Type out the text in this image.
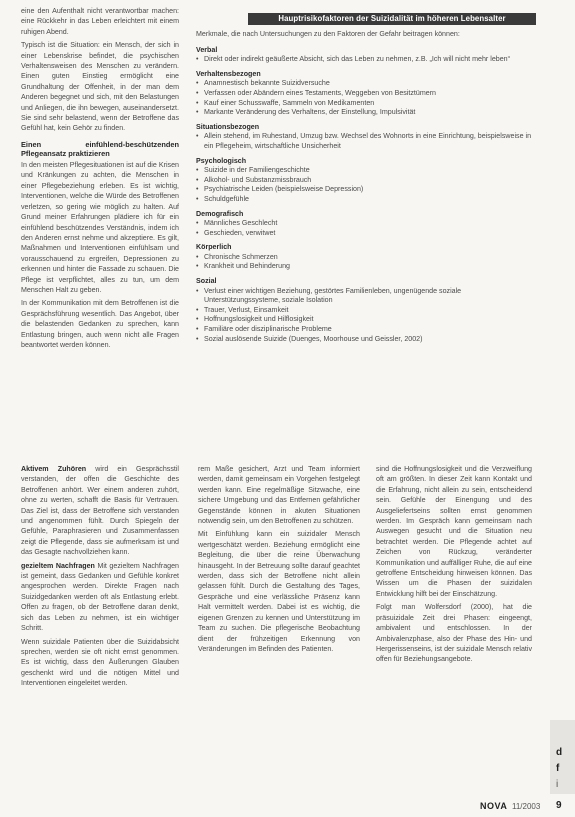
eine den Aufenthalt nicht verantwortbar machen: eine Rückkehr in das Leben erleichtert mit einem ruhigen Abend.

Typisch ist die Situation: ein Mensch, der sich in einer Lebenskrise befindet, die psychischen Verhaltensweisen des Menschen zu verändern. Einen guten Einstieg ermöglicht eine Grundhaltung der Offenheit, in der man dem Anderen begegnet und sich, mit den Belastungen und Anliegen, die ihn bewegen, auseinandersetzt. Sie sind sehr belastend, wenn der Betroffene das Gefühl hat, kein Gehör zu finden.

Einen einfühlend-beschützenden Pflegeansatz praktizieren

In den meisten Pflegesituationen ist auf die Krisen und Kränkungen zu achten, die Menschen in einer Pflegebeziehung erleben. Es ist wichtig, Interventionen, welche die Würde des Betroffenen verletzen, so gering wie möglich zu halten. Auf Grund meiner Erfahrungen plädiere ich für ein einfühlend beschützendes Verständnis, indem ich den Anderen ernst nehme und akzeptiere. Es gilt, Maßnahmen und Interventionen einfühlsam und vorausschauend zu ergreifen, Depressionen zu erkennen und hinter die Fassade zu schauen. Die Pflege ist verpflichtet, alles zu tun, um dem Menschen Halt zu geben.

In der Kommunikation mit dem Betroffenen ist die Gesprächsführung wesentlich. Das Angebot, über die belastenden Gedanken zu sprechen, kann Entlastung bringen, auch wenn nicht alle Fragen beantwortet werden können.

Hauptrisikofaktoren der Suizidalität im höheren Lebensalter

Merkmale, die nach Untersuchungen zu den Faktoren der Gefahr beitragen können:

Verbal
• Direkt oder indirekt geäußerte Absicht, sich das Leben zu nehmen, z.B. „Ich will nicht mehr leben“
Verhaltensbezogen
• Anamnestisch bekannte Suizidversuche
• Verfassen oder Abändern eines Testaments, Weggeben von Besitztümern
• Kauf einer Schusswaffe, Sammeln von Medikamenten
• Markante Veränderung des Verhaltens, der Einstellung, Impulsivität
Situationsbezogen
• Allein stehend, im Ruhestand, Umzug bzw. Wechsel des Wohnorts in eine Einrichtung, beispielsweise in ein Pflegeheim, wirtschaftliche Unsicherheit
Psychologisch
• Suizide in der Familiengeschichte
• Alkohol- und Substanzmissbrauch
• Psychiatrische Leiden (beispielsweise Depression)
• Schuldgefühle
Demografisch
• Männliches Geschlecht
• Geschieden, verwitwet
Körperlich
• Chronische Schmerzen
• Krankheit und Behinderung
Sozial
• Verlust einer wichtigen Beziehung, gestörtes Familienleben, ungenügende soziale Unterstützungssysteme, soziale Isolation
• Trauer, Verlust, Einsamkeit
• Hoffnungslosigkeit und Hilflosigkeit
• Familiäre oder disziplinarische Probleme
• Sozial auslösende Suizide (Duenges, Moorhouse und Geissler, 2002)

Aktivem Zuhören wird ein Gesprächsstil verstanden, der offen die Geschichte des Betroffenen anhört. Wer einem anderen zuhört, ohne zu werten, schafft die Basis für Vertrauen. Das Ziel ist, dass der Betroffene sich verstanden und angenommen fühlt. Durch Spiegeln der Gefühle, Paraphrasieren und Zusammenfassen zeigt die Pflegende, dass sie aufmerksam ist und das Gesagte nachvollziehen kann.

gezieltem Nachfragen Mit gezieltem Nachfragen ist gemeint, dass Gedanken und Gefühle konkret angesprochen werden. Direkte Fragen nach Suizidgedanken werden oft als Entlastung erlebt. Offen zu fragen, ob der Betroffene daran denkt, sich das Leben zu nehmen, ist ein wichtiger Schritt.

Wenn suizidale Patienten über die Suizidabsicht sprechen, werden sie oft nicht ernst genommen. Es ist wichtig, dass den Äußerungen Glauben geschenkt wird und die nötigen Mittel und Interventionen eingeleitet werden.

rem Maße gesichert, Arzt und Team informiert werden, damit gemeinsam ein Vorgehen festgelegt werden kann. Eine regelmäßige Sitzwache, eine sichere Umgebung und das Entfernen gefährlicher Gegenstände können in akuten Situationen notwendig sein, um den Betroffenen zu schützen.

Mit Einfühlung kann ein suizidaler Mensch wertgeschätzt werden. Beziehung ermöglicht eine Begleitung, die über die reine Überwachung hinausgeht. In der Betreuung sollte darauf geachtet werden, dass sich der Betroffene nicht allein gelassen fühlt. Durch die Gestaltung des Tages, Gespräche und eine verlässliche Präsenz kann Halt vermittelt werden. Dabei ist es wichtig, die eigenen Grenzen zu kennen und Unterstützung im Team zu suchen. Die pflegerische Beobachtung dient der frühzeitigen Erkennung von Veränderungen im Befinden des Patienten.

sind die Hoffnungslosigkeit und die Verzweiflung oft am größten. In dieser Zeit kann Kontakt und die Erfahrung, nicht allein zu sein, entscheidend sein. Gefühle der Einengung und des Ausgeliefertseins sollten ernst genommen werden. Im Gespräch kann gemeinsam nach Auswegen gesucht und die Situation neu betrachtet werden. Die Pflegende achtet auf Zeichen von Rückzug, veränderter Kommunikation und auffälliger Ruhe, die auf eine getroffene Entscheidung hinweisen können. Das Wissen um die Phasen der suizidalen Entwicklung hilft bei der Einschätzung.

Folgt man Wolfersdorf (2000), hat die präsuizidale Zeit drei Phasen: eingeengt, ambivalent und entschlossen. In der Ambivalenzphase, also der Phase des Hin- und Hergerissenseins, ist der suizidale Mensch relativ offen für Beziehungsangebote.

d
f
i
NOVA 11/2003 9
